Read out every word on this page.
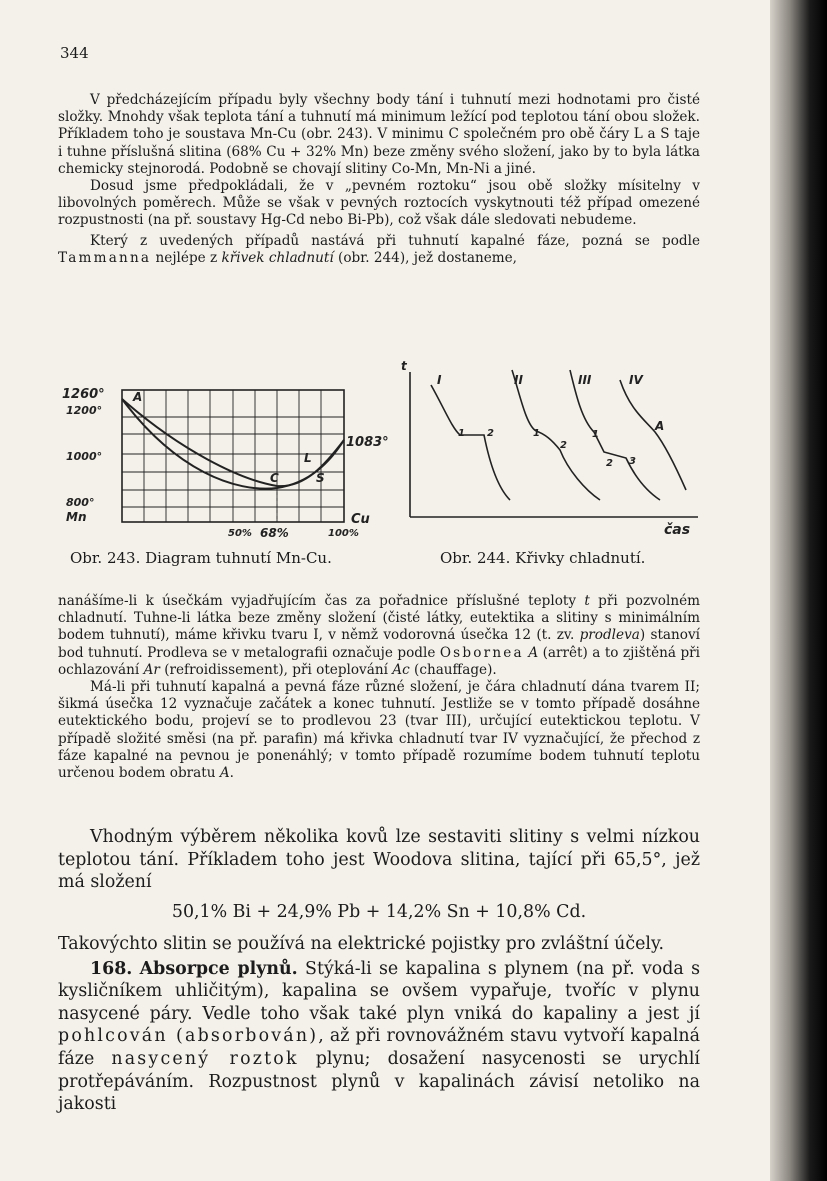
344

V předcházejícím případu byly všechny body tání i tuhnutí mezi hodnotami pro čisté složky. Mnohdy však teplota tání a tuhnutí má minimum ležící pod teplotou tání obou složek. Příkladem toho je soustava Mn-Cu (obr. 243). V minimu C společném pro obě čáry L a S taje i tuhne příslušná slitina (68% Cu + 32% Mn) beze změny svého složení, jako by to byla látka chemicky stejnorodá. Podobně se chovají slitiny Co-Mn, Mn-Ni a jiné.

Dosud jsme předpokládali, že v „pevném roztoku“ jsou obě složky mísitelny v libovolných poměrech. Může se však v pevných roztocích vyskytnouti též případ omezené rozpustnosti (na př. soustavy Hg-Cd nebo Bi-Pb), což však dále sledovati nebudeme.

Který z uvedených případů nastává při tuhnutí kapalné fáze, pozná se podle Tammanna nejlépe z křivek chladnutí (obr. 244), jež dostaneme,

1260°
1200°
1000°
800°
Mn
A
50% 68%	100%
1083°
Cu
L
S
C
t
čas
I	II	III	IV
1 2	1
2
1
2 3
A
Obr. 243. Diagram tuhnutí Mn-Cu.	Obr. 244. Křivky chladnutí.

nanášíme-li k úsečkám vyjadřujícím čas za pořadnice příslušné teploty t při pozvolném chladnutí. Tuhne-li látka beze změny složení (čisté látky, eutektika a slitiny s minimálním bodem tuhnutí), máme křivku tvaru I, v němž vodorovná úsečka 12 (t. zv. prodleva) stanoví bod tuhnutí. Prodleva se v metalografii označuje podle Osbornea A (arrêt) a to zjištěná při ochlazování Ar (refroidissement), při oteplování Ac (chauffage).

Má-li při tuhnutí kapalná a pevná fáze různé složení, je čára chladnutí dána tvarem II; šikmá úsečka 12 vyznačuje začátek a konec tuhnutí. Jestliže se v tomto případě dosáhne eutektického bodu, projeví se to prodlevou 23 (tvar III), určující eutektickou teplotu. V případě složité směsi (na př. parafin) má křivka chladnutí tvar IV vyznačující, že přechod z fáze kapalné na pevnou je ponenáhlý; v tomto případě rozumíme bodem tuhnutí teplotu určenou bodem obratu A.

Vhodným výběrem několika kovů lze sestaviti slitiny s velmi nízkou teplotou tání. Příkladem toho jest Woodova slitina, tající při 65,5°, jež má složení

50,1% Bi + 24,9% Pb + 14,2% Sn + 10,8% Cd.

Takovýchto slitin se používá na elektrické pojistky pro zvláštní účely.

168. Absorpce plynů. Stýká-li se kapalina s plynem (na př. voda s kysličníkem uhličitým), kapalina se ovšem vypařuje, tvoříc v plynu nasycené páry. Vedle toho však také plyn vniká do kapaliny a jest jí pohlcován (absorbován), až při rovnovážném stavu vytvoří kapalná fáze nasycený roztok plynu; dosažení nasycenosti se urychlí protřepáváním. Rozpustnost plynů v kapalinách závisí netoliko na jakosti
